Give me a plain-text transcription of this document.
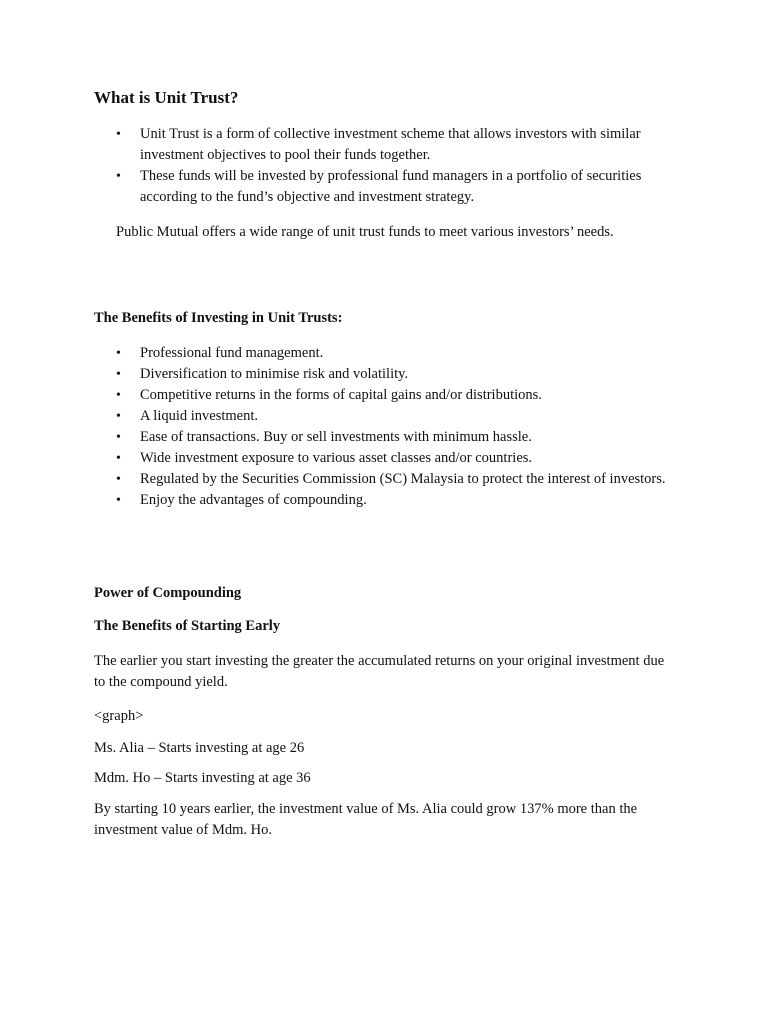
What is Unit Trust?
• Unit Trust is a form of collective investment scheme that allows investors with similar investment objectives to pool their funds together.
• These funds will be invested by professional fund managers in a portfolio of securities according to the fund’s objective and investment strategy.

Public Mutual offers a wide range of unit trust funds to meet various investors’ needs.

The Benefits of Investing in Unit Trusts:
• Professional fund management.
• Diversification to minimise risk and volatility.
• Competitive returns in the forms of capital gains and/or distributions.
• A liquid investment.
• Ease of transactions. Buy or sell investments with minimum hassle.
• Wide investment exposure to various asset classes and/or countries.
• Regulated by the Securities Commission (SC) Malaysia to protect the interest of investors.
• Enjoy the advantages of compounding.
Power of Compounding
The Benefits of Starting Early

The earlier you start investing the greater the accumulated returns on your original investment due to the compound yield.

<graph>

Ms. Alia – Starts investing at age 26

Mdm. Ho – Starts investing at age 36

By starting 10 years earlier, the investment value of Ms. Alia could grow 137% more than the investment value of Mdm. Ho.
